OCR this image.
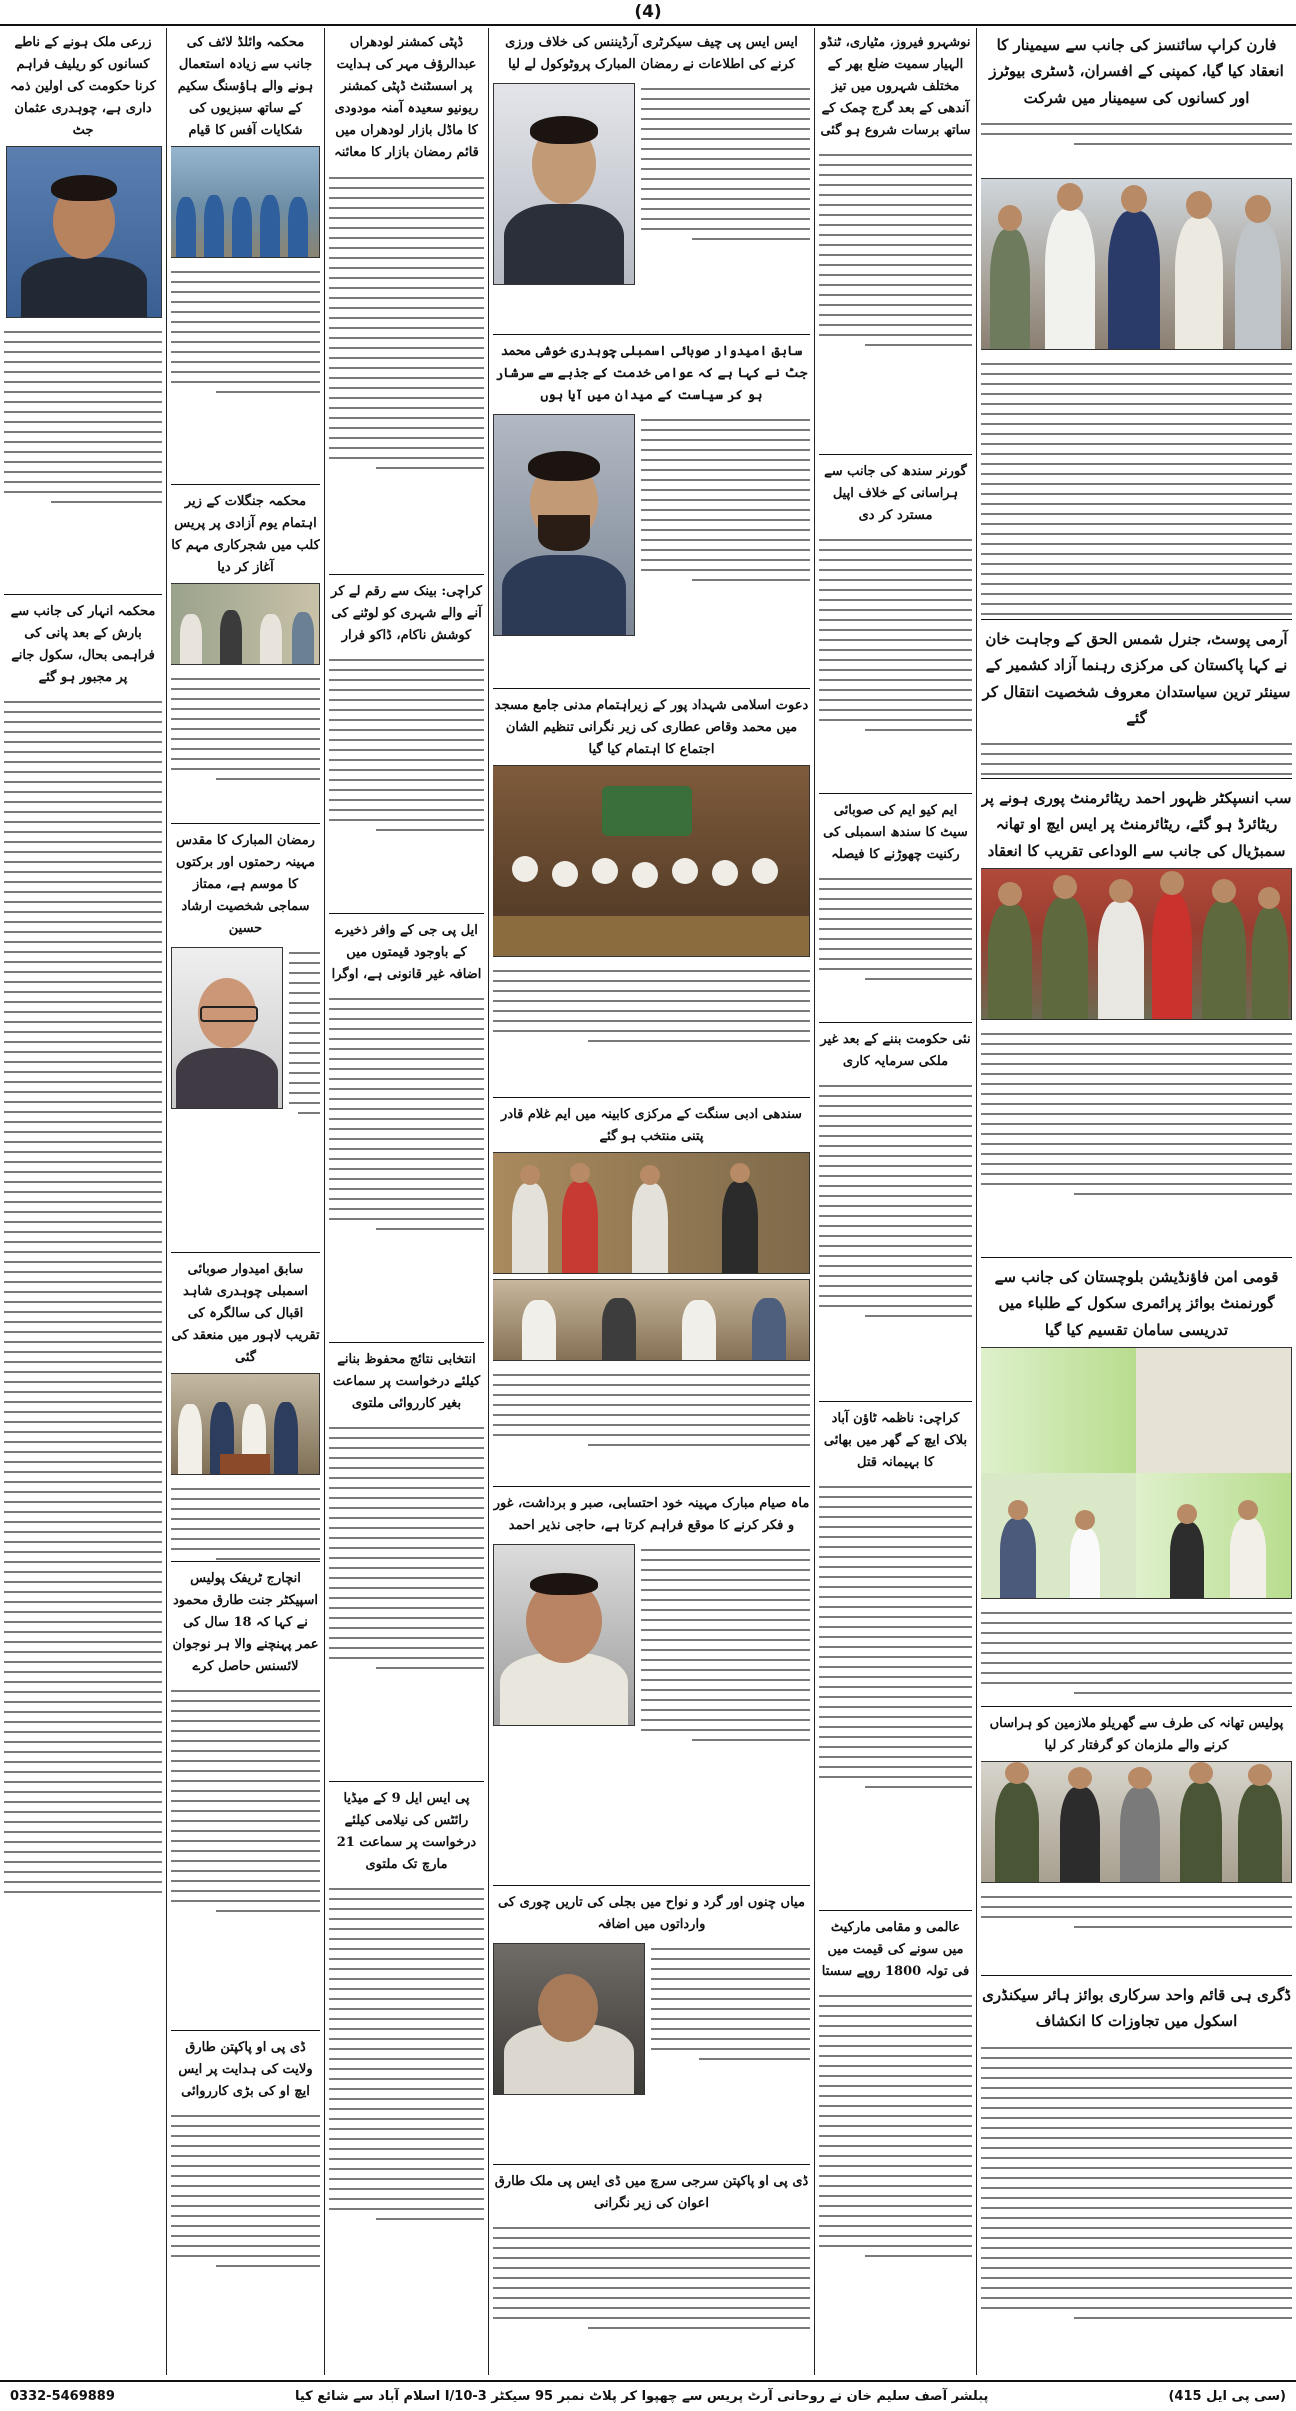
(4)
فارن کراپ سائنسز کی جانب سے سیمینار کا انعقاد کیا گیا، کمپنی کے افسران، ڈسٹری بیوٹرز اور کسانوں کی سیمینار میں شرکت
آرمی پوسٹ، جنرل شمس الحق کے وجاہت خان نے کہا پاکستان کی مرکزی رہنما آزاد کشمیر کے سینئر ترین سیاستدان معروف شخصیت انتقال کر گئے
سب انسپکٹر ظہور احمد ریٹائرمنٹ پوری ہونے پر ریٹائرڈ ہو گئے، ریٹائرمنٹ پر ایس ایچ او تھانہ سمبڑیال کی جانب سے الوداعی تقریب کا انعقاد
قومی امن فاؤنڈیشن بلوچستان کی جانب سے گورنمنٹ بوائز پرائمری سکول کے طلباء میں تدریسی سامان تقسیم کیا گیا
پولیس تھانہ کی طرف سے گھریلو ملازمین کو ہراساں کرنے والے ملزمان کو گرفتار کر لیا
ڈگری ہی قائم واحد سرکاری بوائز ہائر سیکنڈری اسکول میں تجاوزات کا انکشاف
نوشہرو فیروز، مٹیاری، ٹنڈو الہیار سمیت ضلع بھر کے مختلف شہروں میں تیز آندھی کے بعد گرج چمک کے ساتھ برسات شروع ہو گئی
گورنر سندھ کی جانب سے ہراسانی کے خلاف اپیل مسترد کر دی
ایم کیو ایم کی صوبائی سیٹ کا سندھ اسمبلی کی رکنیت چھوڑنے کا فیصلہ
نئی حکومت بننے کے بعد غیر ملکی سرمایہ کاری
کراچی: ناظمہ ٹاؤن آباد بلاک ایچ کے گھر میں بھائی کا بہیمانہ قتل
عالمی و مقامی مارکیٹ میں سونے کی قیمت میں فی تولہ 1800 روپے سستا
ایس ایس پی چیف سیکرٹری آرڈیننس کی خلاف ورزی کرنے کی اطلاعات نے رمضان المبارک پروٹوکول لے لیا
سابق امیدوار صوبائی اسمبلی چوہدری خوشی محمد جٹ نے کہا ہے کہ عوامی خدمت کے جذبے سے سرشار ہو کر سیاست کے میدان میں آیا ہوں
دعوت اسلامی شہداد پور کے زیراہتمام مدنی جامع مسجد میں محمد وقاص عطاری کی زیر نگرانی تنظیم الشان اجتماع کا اہتمام کیا گیا
سندھی ادبی سنگت کے مرکزی کابینہ میں ایم غلام قادر پتنی منتخب ہو گئے
ماہ صیام مبارک مہینہ خود احتسابی، صبر و برداشت، غور و فکر کرنے کا موقع فراہم کرتا ہے، حاجی نذیر احمد
میاں چنوں اور گرد و نواح میں بجلی کی تاریں چوری کی وارداتوں میں اضافہ
ڈی پی او پاکپتن سرجی سرچ میں ڈی ایس پی ملک طارق اعوان کی زیر نگرانی
ڈپٹی کمشنر لودھراں عبدالرؤف مہر کی ہدایت پر اسسٹنٹ ڈپٹی کمشنر ریونیو سعیدہ آمنہ مودودی کا ماڈل بازار لودھراں میں قائم رمضان بازار کا معائنہ
کراچی: بینک سے رقم لے کر آنے والے شہری کو لوٹنے کی کوشش ناکام، ڈاکو فرار
ایل پی جی کے وافر ذخیرے کے باوجود قیمتوں میں اضافہ غیر قانونی ہے، اوگرا
انتخابی نتائج محفوظ بنانے کیلئے درخواست پر سماعت بغیر کارروائی ملتوی
پی ایس ایل 9 کے میڈیا رائٹس کی نیلامی کیلئے درخواست پر سماعت 21 مارچ تک ملتوی
محکمہ وائلڈ لائف کی جانب سے زیادہ استعمال ہونے والے ہاؤسنگ سکیم کے ساتھ سبزیوں کی شکایات آفس کا قیام
محکمہ جنگلات کے زیر اہتمام یوم آزادی پر پریس کلب میں شجرکاری مہم کا آغاز کر دیا
رمضان المبارک کا مقدس مہینہ رحمتوں اور برکتوں کا موسم ہے، ممتاز سماجی شخصیت ارشاد حسین
سابق امیدوار صوبائی اسمبلی چوہدری شاہد اقبال کی سالگرہ کی تقریب لاہور میں منعقد کی گئی
انچارج ٹریفک پولیس اسپیکٹر جنت طارق محمود نے کہا کہ 18 سال کی عمر پہنچنے والا ہر نوجوان لائسنس حاصل کرے
ڈی پی او پاکپتن طارق ولایت کی ہدایت پر ایس ایچ او کی بڑی کارروائی
زرعی ملک ہونے کے ناطے کسانوں کو ریلیف فراہم کرنا حکومت کی اولین ذمہ داری ہے، چوہدری عثمان جٹ
محکمہ انہار کی جانب سے بارش کے بعد پانی کی فراہمی بحال، سکول جانے پر مجبور ہو گئے
0332-5469889	پبلشر آصف سلیم خان نے روحانی آرٹ پریس سے چھپوا کر پلاٹ نمبر 95 سیکٹر 3-I/10 اسلام آباد سے شائع کیا	(سی پی ایل 415)
